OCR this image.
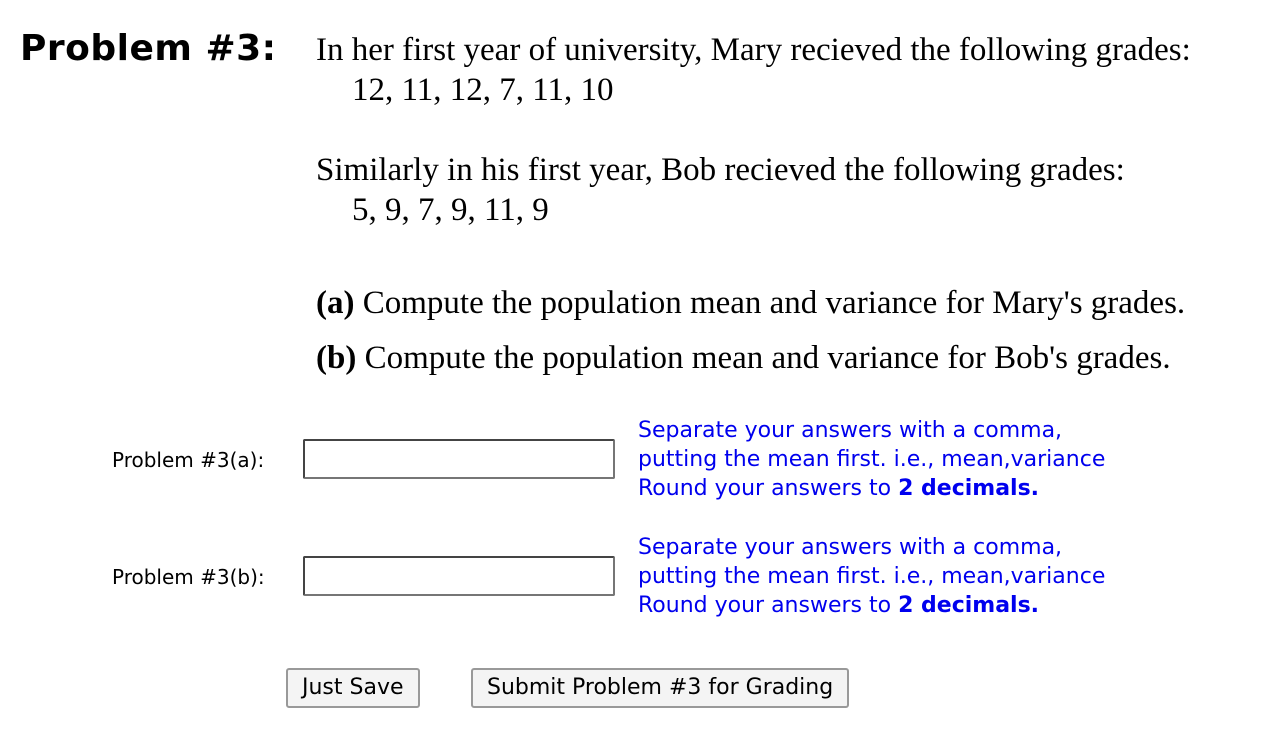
Problem #3: In her first year of university, Mary recieved the following grades:
12, 11, 12, 7, 11, 10
Similarly in his first year, Bob recieved the following grades:
5, 9, 7, 9, 11, 9
(a) Compute the population mean and variance for Mary's grades.
(b) Compute the population mean and variance for Bob's grades.
Problem #3(a):
Separate your answers with a comma,
putting the mean first. i.e., mean,variance
Round your answers to 2 decimals.
Problem #3(b):
Separate your answers with a comma,
putting the mean first. i.e., mean,variance
Round your answers to 2 decimals.
Just Save	Submit Problem #3 for Grading
